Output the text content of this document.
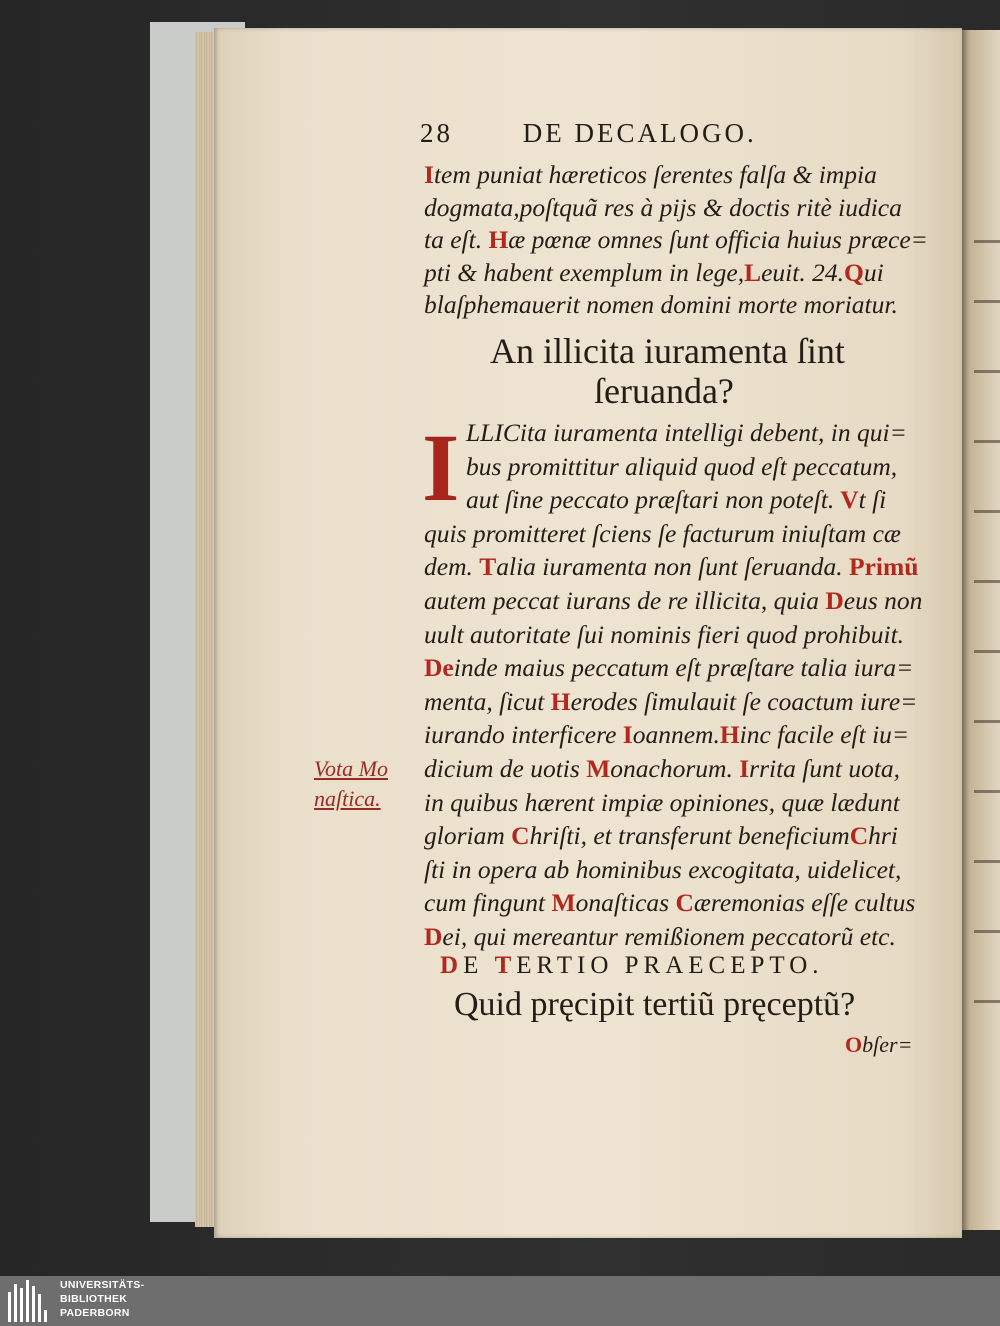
28	DE DECALOGO.
Item puniat hæreticos ſerentes falſa & impia
dogmata,poſtquã res à pijs & doctis ritè iudica
ta eſt. Hæ pœnæ omnes ſunt officia huius præce=
pti & habent exemplum in lege,Leuit. 24.Qui
blaſphemauerit nomen domini morte moriatur.
An illicita iuramenta ſint
ſeruanda?
I LLICita iuramenta intelligi debent, in qui=
bus promittitur aliquid quod eſt peccatum,
aut ſine peccato præſtari non poteſt. Vt ſi
quis promitteret ſciens ſe facturum iniuſtam cæ
dem. Talia iuramenta non ſunt ſeruanda. Primũ
autem peccat iurans de re illicita, quia Deus non
uult autoritate ſui nominis fieri quod prohibuit.
Deinde maius peccatum eſt præſtare talia iura=
menta, ſicut Herodes ſimulauit ſe coactum iure=
iurando interficere Ioannem.Hinc facile eſt iu=
dicium de uotis Monachorum. Irrita ſunt uota,
in quibus hærent impiæ opiniones, quæ lædunt
gloriam Chriſti, et transferunt beneficiumChri
ſti in opera ab hominibus excogitata, uidelicet,
cum fingunt Monaſticas Cæremonias eſſe cultus
Dei, qui mereantur remißionem peccatorũ etc.
Vota Mo
naſtica.
DE TERTIO PRAECEPTO.
Quid pręcipit tertiũ pręceptũ?
Obſer=
UNIVERSITÄTS-
BIBLIOTHEK
PADERBORN
